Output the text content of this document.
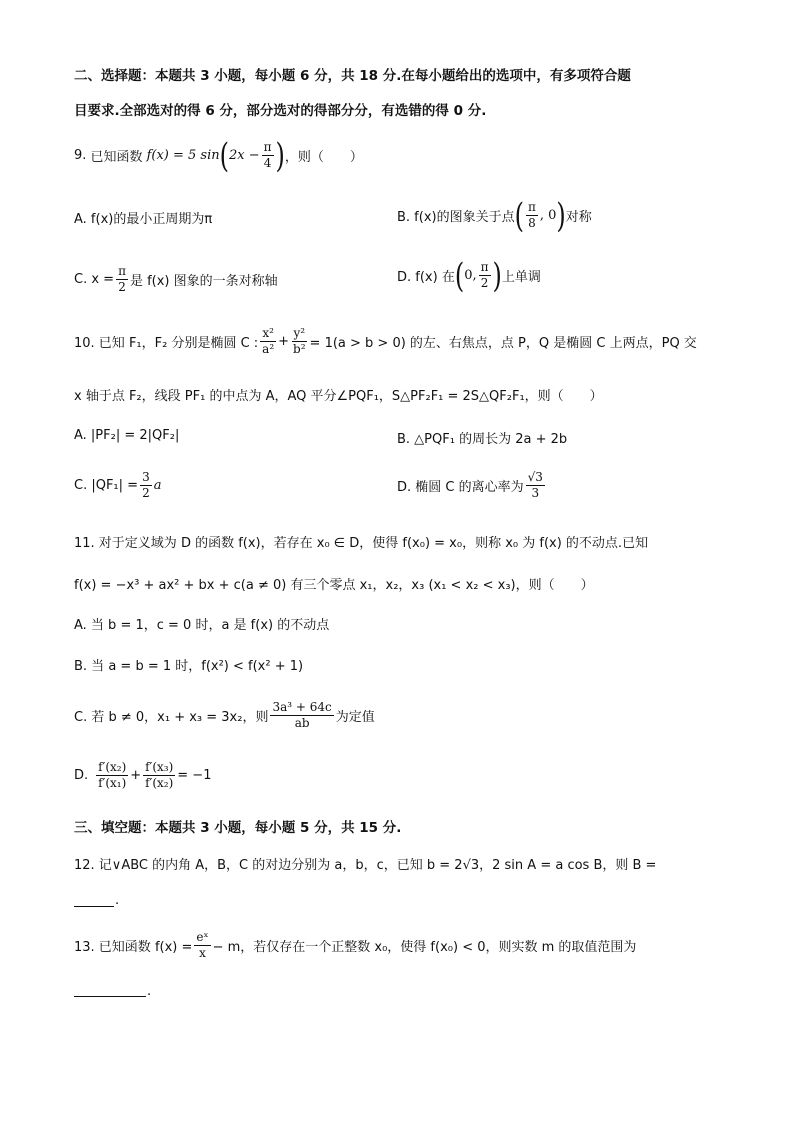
二、选择题：本题共 3 小题，每小题 6 分，共 18 分.在每小题给出的选项中，有多项符合题
目要求.全部选对的得 6 分，部分选对的得部分分，有选错的得 0 分.
9.
已知函数 f(x) = 5 sin ( $2x - \frac{\pi}{4}$ ) ，则（　　）
A. f(x)的最小正周期为π	B. f(x)的图象关于点 ( $\frac{\pi}{8}$ , 0 ) 对称
C. $x = \frac{\pi}{2}$ 是 f(x) 图象的一条对称轴	D. f(x) 在 ( 0, $\frac{\pi}{2}$ ) 上单调
10. 已知 F₁，F₂ 分别是椭圆 C : $\frac{\text{x²}}{\text{a²}} + \frac{\text{y²}}{\text{b²}} = 1(a > b > 0)$ 的左、右焦点，点 P，Q 是椭圆 C 上两点，PQ 交
x 轴于点 F₂，线段 PF₁ 的中点为 A，AQ 平分∠PQF₁，S△PF₂F₁ = 2S△QF₂F₁，则（　　）
A. |PF₂| = 2|QF₂|	B. △PQF₁ 的周长为 2a + 2b
C. $|QF_1| = \frac{3}{2}$ a	D. 椭圆 C 的离心率为 $\frac{√3}{3}$
11. 对于定义域为 D 的函数 f(x)，若存在 x₀ ∈ D，使得 f(x₀) = x₀，则称 x₀ 为 f(x) 的不动点.已知
f(x) = −x³ + ax² + bx + c(a ≠ 0) 有三个零点 x₁，x₂，x₃ (x₁ < x₂ < x₃)，则（　　）
A. 当 b = 1，c = 0 时，a 是 f(x) 的不动点
B. 当 a = b = 1 时，f(x²) < f(x² + 1)
C. 若 b ≠ 0，x₁ + x₃ = 3x₂，则 $\frac{\text{3a³ + 64c}}{ab}$ 为定值
D. $\frac{\text{f′(x₂)}}{\text{f′(x₁)}} + \frac{\text{f′(x₃)}}{\text{f′(x₂)}} = -1$
三、填空题：本题共 3 小题，每小题 5 分，共 15 分.
12. 记∨ABC 的内角 A，B，C 的对边分别为 a，b，c，已知 b = 2√3，2 sin A = a cos B，则 B =
.
13. 已知函数 $f(x) = \frac{\text{eˣ}}{x} - m$，若仅存在一个正整数 x₀，使得 f(x₀) < 0，则实数 m 的取值范围为
.
